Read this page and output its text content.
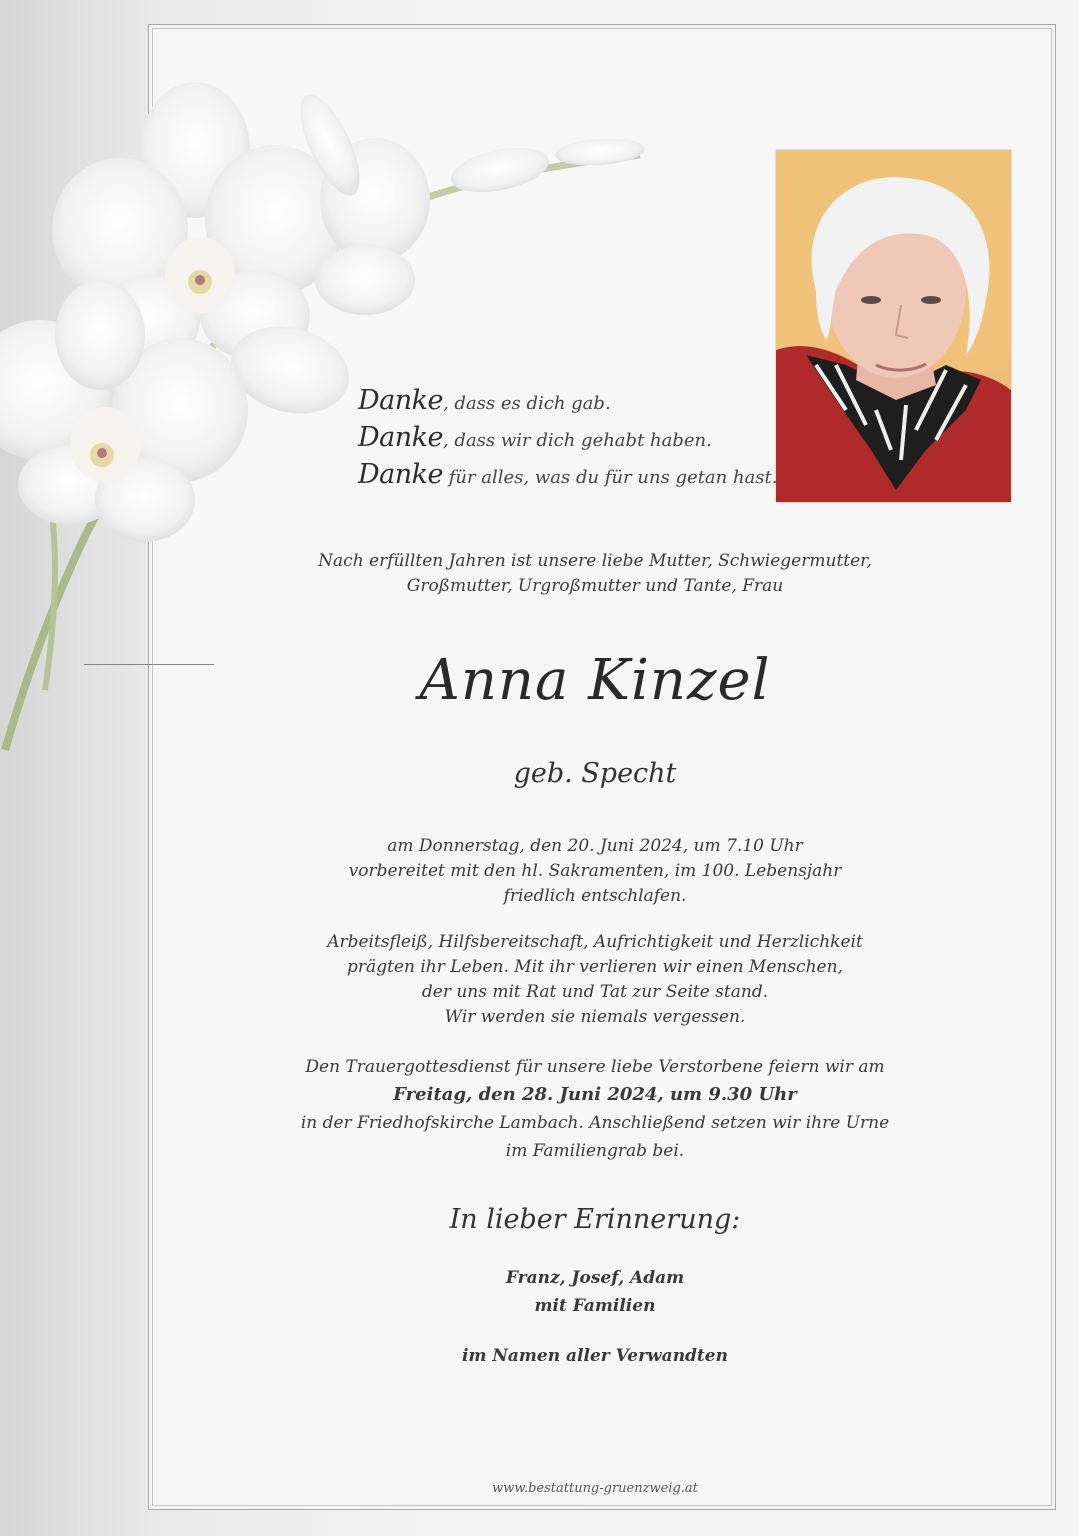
Danke, dass es dich gab.
Danke, dass wir dich gehabt haben.
Danke für alles, was du für uns getan hast.
Nach erfüllten Jahren ist unsere liebe Mutter, Schwiegermutter,
Großmutter, Urgroßmutter und Tante, Frau
Anna Kinzel
geb. Specht
am Donnerstag, den 20. Juni 2024, um 7.10 Uhr
vorbereitet mit den hl. Sakramenten, im 100. Lebensjahr
friedlich entschlafen.
Arbeitsfleiß, Hilfsbereitschaft, Aufrichtigkeit und Herzlichkeit
prägten ihr Leben. Mit ihr verlieren wir einen Menschen,
der uns mit Rat und Tat zur Seite stand.
Wir werden sie niemals vergessen.
Den Trauergottesdienst für unsere liebe Verstorbene feiern wir am
Freitag, den 28. Juni 2024, um 9.30 Uhr
in der Friedhofskirche Lambach. Anschließend setzen wir ihre Urne
im Familiengrab bei.
In lieber Erinnerung:
Franz, Josef, Adam
mit Familien
im Namen aller Verwandten
www.bestattung-gruenzweig.at
